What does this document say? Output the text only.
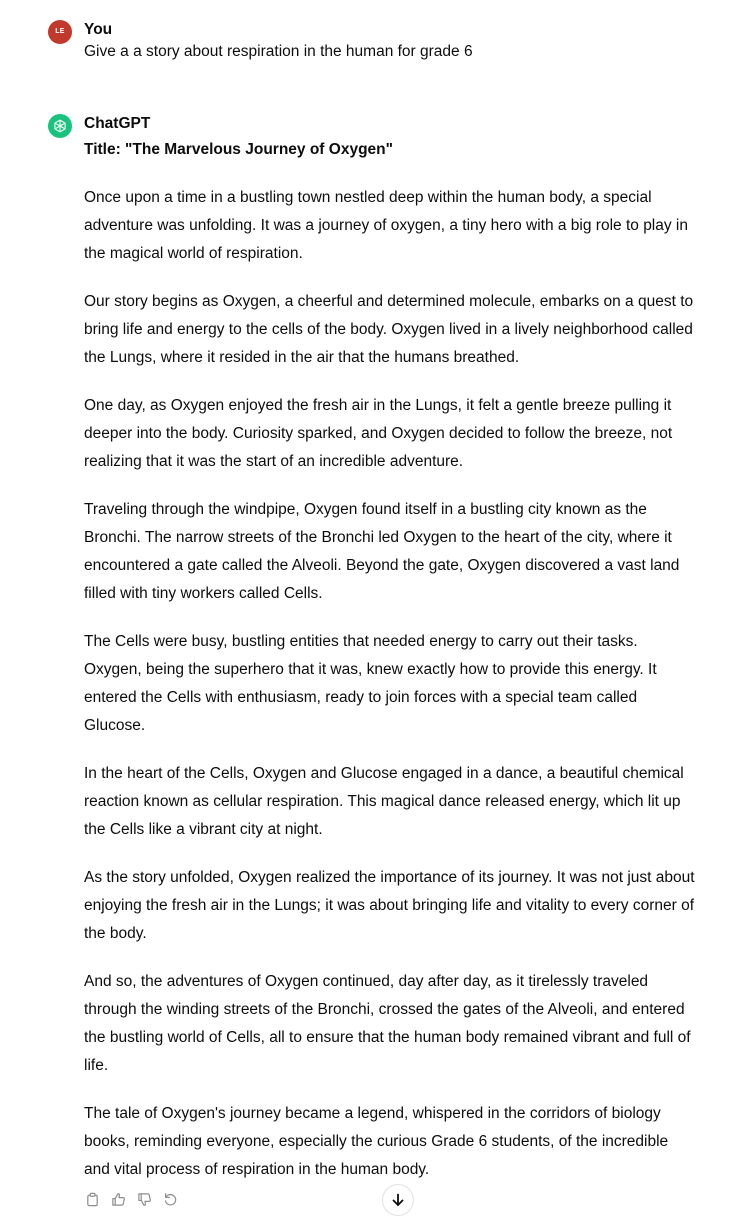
LE	You
Give a a story about respiration in the human for grade 6
ChatGPT
Title: "The Marvelous Journey of Oxygen"
Once upon a time in a bustling town nestled deep within the human body, a special adventure was unfolding. It was a journey of oxygen, a tiny hero with a big role to play in the magical world of respiration.
Our story begins as Oxygen, a cheerful and determined molecule, embarks on a quest to bring life and energy to the cells of the body. Oxygen lived in a lively neighborhood called the Lungs, where it resided in the air that the humans breathed.
One day, as Oxygen enjoyed the fresh air in the Lungs, it felt a gentle breeze pulling it deeper into the body. Curiosity sparked, and Oxygen decided to follow the breeze, not realizing that it was the start of an incredible adventure.
Traveling through the windpipe, Oxygen found itself in a bustling city known as the Bronchi. The narrow streets of the Bronchi led Oxygen to the heart of the city, where it encountered a gate called the Alveoli. Beyond the gate, Oxygen discovered a vast land filled with tiny workers called Cells.
The Cells were busy, bustling entities that needed energy to carry out their tasks. Oxygen, being the superhero that it was, knew exactly how to provide this energy. It entered the Cells with enthusiasm, ready to join forces with a special team called Glucose.
In the heart of the Cells, Oxygen and Glucose engaged in a dance, a beautiful chemical reaction known as cellular respiration. This magical dance released energy, which lit up the Cells like a vibrant city at night.
As the story unfolded, Oxygen realized the importance of its journey. It was not just about enjoying the fresh air in the Lungs; it was about bringing life and vitality to every corner of the body.
And so, the adventures of Oxygen continued, day after day, as it tirelessly traveled through the winding streets of the Bronchi, crossed the gates of the Alveoli, and entered the bustling world of Cells, all to ensure that the human body remained vibrant and full of life.
The tale of Oxygen's journey became a legend, whispered in the corridors of biology books, reminding everyone, especially the curious Grade 6 students, of the incredible and vital process of respiration in the human body.
